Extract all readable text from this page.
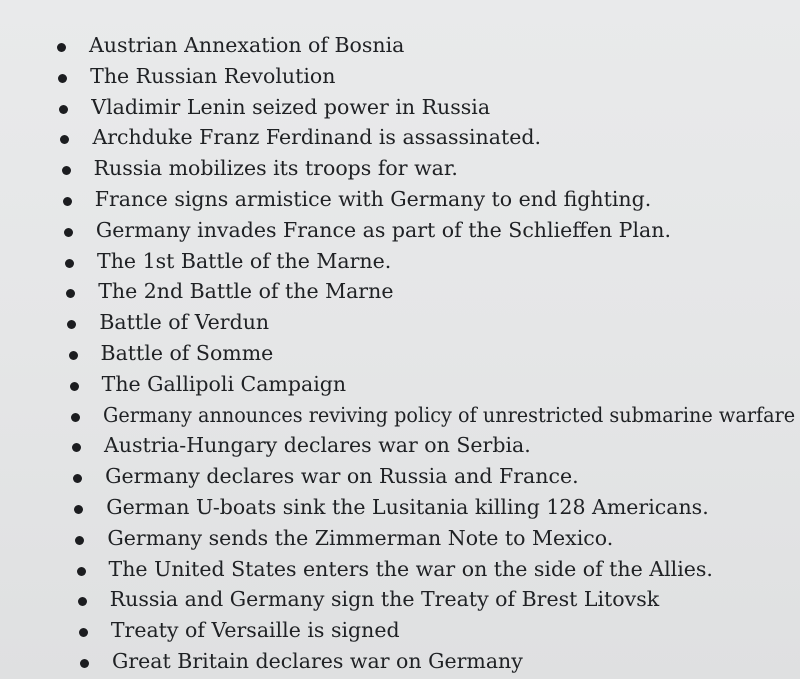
Austrian Annexation of Bosnia
The Russian Revolution
Vladimir Lenin seized power in Russia
Archduke Franz Ferdinand is assassinated.
Russia mobilizes its troops for war.
France signs armistice with Germany to end fighting.
Germany invades France as part of the Schlieffen Plan.
The 1st Battle of the Marne.
The 2nd Battle of the Marne
Battle of Verdun
Battle of Somme
The Gallipoli Campaign
Germany announces reviving policy of unrestricted submarine warfare
Austria-Hungary declares war on Serbia.
Germany declares war on Russia and France.
German U-boats sink the Lusitania killing 128 Americans.
Germany sends the Zimmerman Note to Mexico.
The United States enters the war on the side of the Allies.
Russia and Germany sign the Treaty of Brest Litovsk
Treaty of Versaille is signed
Great Britain declares war on Germany
